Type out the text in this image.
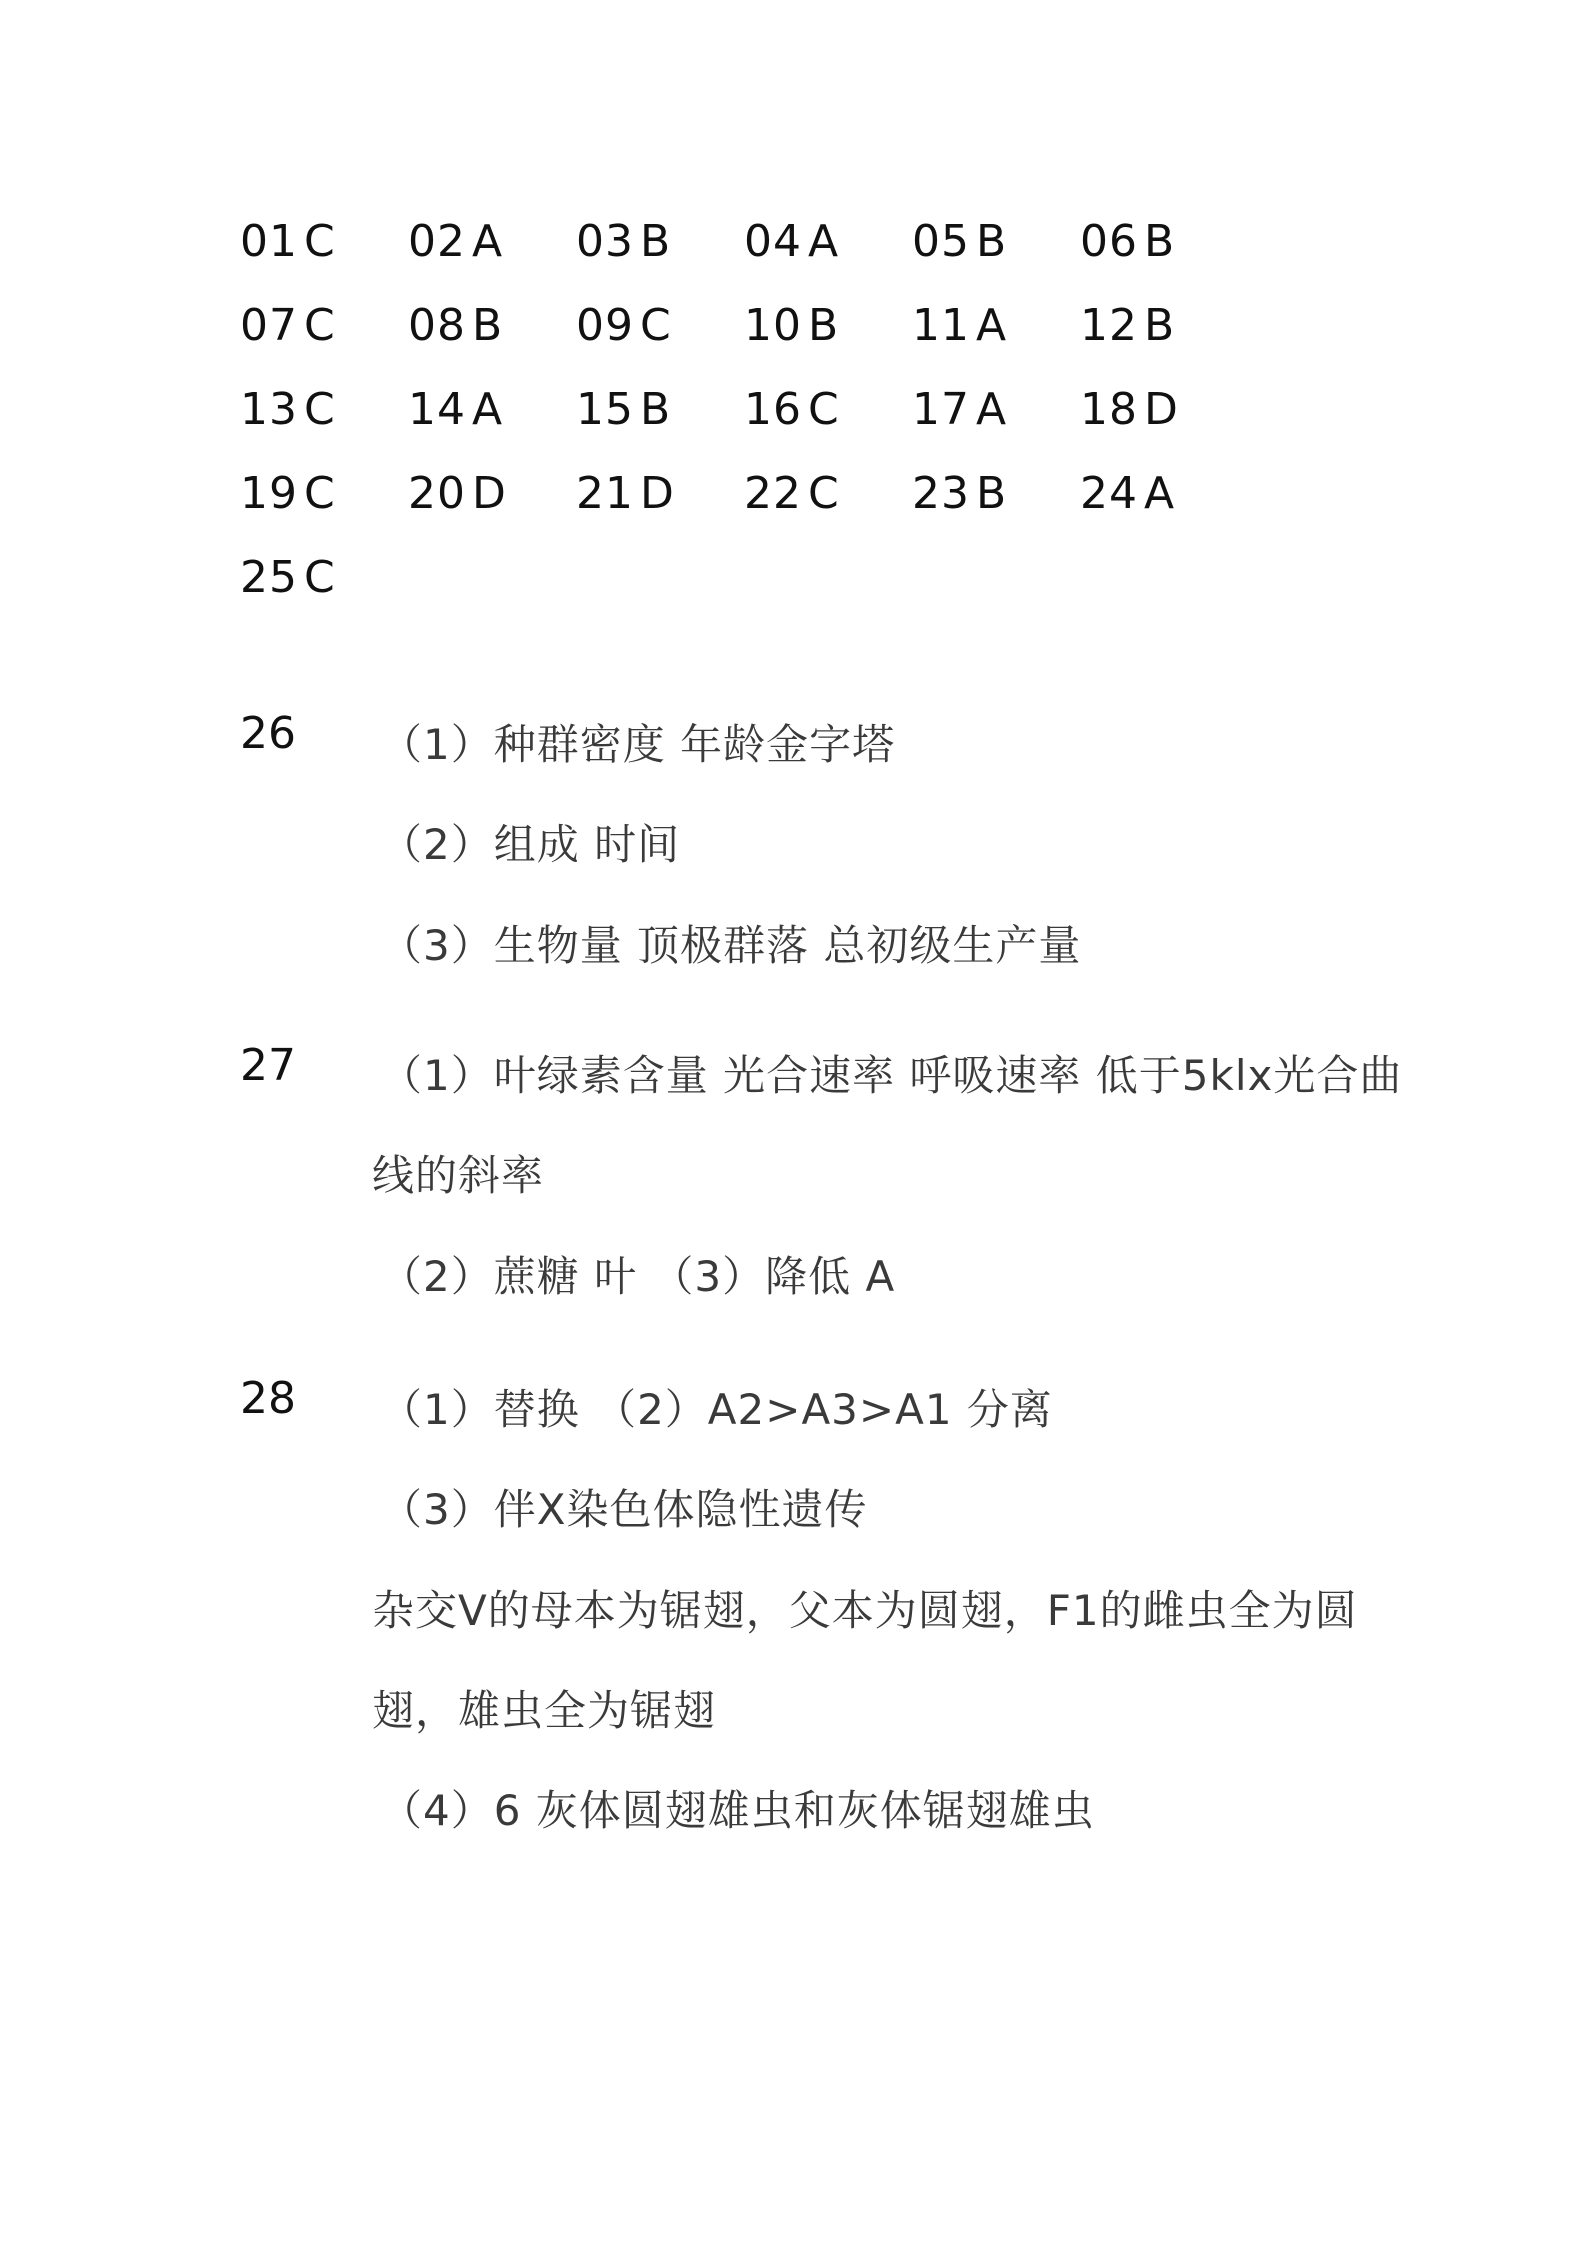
01 C	02 A	03 B	04 A	05 B	06 B
07 C	08 B	09 C	10 B	11 A	12 B
13 C	14 A	15 B	16 C	17 A	18 D
19 C	20 D	21 D	22 C	23 B	24 A
25 C
26 （1）种群密度 年龄金字塔
（2）组成 时间
（3）生物量 顶极群落 总初级生产量
27 （1）叶绿素含量 光合速率 呼吸速率 低于5klx光合曲
线的斜率
（2）蔗糖 叶 （3）降低 A
28 （1）替换 （2）A2>A3>A1 分离
（3）伴X染色体隐性遗传
杂交V的母本为锯翅，父本为圆翅，F1的雌虫全为圆
翅，雄虫全为锯翅
（4）6 灰体圆翅雄虫和灰体锯翅雄虫
